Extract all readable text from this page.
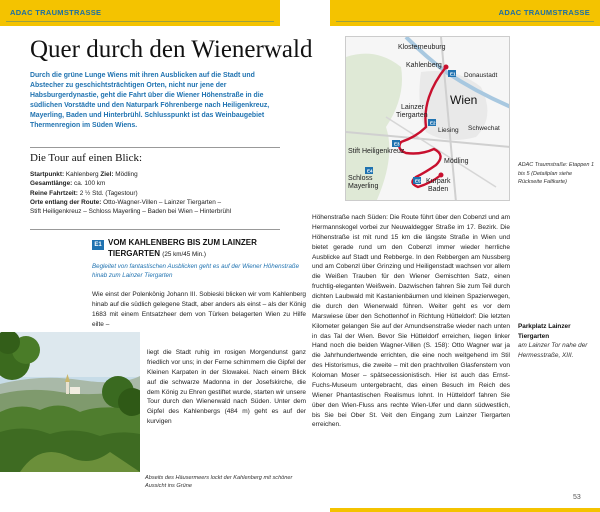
ADAC TRAUMSTRASSE	ADAC TRAUMSTRASSE
Quer durch den Wienerwald
Durch die grüne Lunge Wiens mit ihren Ausblicken auf die Stadt und Abstecher zu geschichtsträchtigen Orten, nicht nur jene der Habsburgerdynastie, geht die Fahrt über die Wiener Höhenstraße in die südlichen Vorstädte und den Naturpark Föhrenberge nach Heiligenkreuz, Mayerling, Baden und Hinterbrühl. Schlusspunkt ist das Weinbaugebiet Thermenregion im Süden Wiens.
Die Tour auf einen Blick:
Startpunkt: Kahlenberg Ziel: Mödling
Gesamtlänge: ca. 100 km
Reine Fahrtzeit: 2 ½ Std. (Tagestour)
Orte entlang der Route: Otto-Wagner-Villen – Lainzer Tiergarten –
Stift Heiligenkreuz – Schloss Mayerling – Baden bei Wien – Hinterbrühl
E1 VOM KAHLENBERG BIS ZUM LAINZER
TIERGARTEN (25 km/45 Min.)
Begleitet von fantastischen Ausblicken geht es auf der Wiener Höhenstraße hinab zum Lainzer Tiergarten
Wie einst der Polenkönig Johann III. Sobieski blicken wir vom Kahlenberg hinab auf die südlich gelegene Stadt, aber anders als einst – als der König 1683 mit einem Entsatzheer dem von Türken belagerten Wien zu Hilfe eilte –
liegt die Stadt ruhig im rosigen Morgendunst ganz friedlich vor uns; in der Ferne schimmern die Gipfel der Kleinen Karpaten in der Slowakei. Nach einem Blick auf die schwarze Madonna in der Josefskirche, die dem König zu Ehren gestiftet wurde, starten wir unsere Tour durch den Wienerwald nach Süden. Unter dem Gipfel des Kahlenbergs (484 m) geht es auf der kurvigen
Abseits des Häusermeers lockt der Kahlenberg mit schöner Aussicht ins Grüne
E1
E2
E3
E4
E5
Klosterneuburg
Kahlenberg
Donaustadt
Wien
Lainzer
Tiergarten
Liesing Schwechat
Stift Heiligenkreuz
Mödling
Schloss
Mayerling
Kurpark
Baden
ADAC Traumstraße: Etappen 1 bis 5 (Detailplan siehe Rückseite Faltkarte)
Höhenstraße nach Süden: Die Route führt über den Cobenzl und am Hermannskogel vorbei zur Neuwaldegger Straße im 17. Bezirk. Die Höhenstraße ist mit rund 15 km die längste Straße in Wien und bietet gerade rund um den Cobenzl immer wieder herrliche Ausblicke auf Stadt und Rebberge. In den Rebbergen am Nussberg und am Cobenzl über Grinzing und Heiligenstadt wachsen vor allem die Weißen Trauben für den Wiener Gemischten Satz, einen fruchtig-eleganten Weißwein. Dazwischen fahren Sie zum Teil durch dichten Laubwald mit Kastanienbäumen und kleinen Spazierwegen, die durch den Wienerwald führen. Weiter geht es vor dem Marswiese über den Schottenhof in Richtung Hütteldorf: Die letzten Kilometer gelangen Sie auf der Amundsenstraße wieder nach unten in das Tal der Wien. Bevor Sie Hütteldorf erreichen, liegen linker Hand noch die beiden Wagner-Villen (S. 158): Otto Wagner war ja die Jahrhundertwende errichten, die eine noch weitgehend im Stil des Historismus, die zweite – mit den prachtvollen Glasfenstern von Koloman Moser – spätsecessionistisch. Hier ist auch das Ernst-Fuchs-Museum untergebracht, das einen Besuch im Reich des Wiener Phantastischen Realismus lohnt. In Hütteldorf fahren Sie über den Wien-Fluss ans rechte Wien-Ufer und dann südwestlich, bis Sie bei Ober St. Veit den Eingang zum Lainzer Tiergarten erreichen.
Parkplatz Lainzer Tiergarten
am Lainzer Tor nahe der Hermesstraße, XIII.
53
